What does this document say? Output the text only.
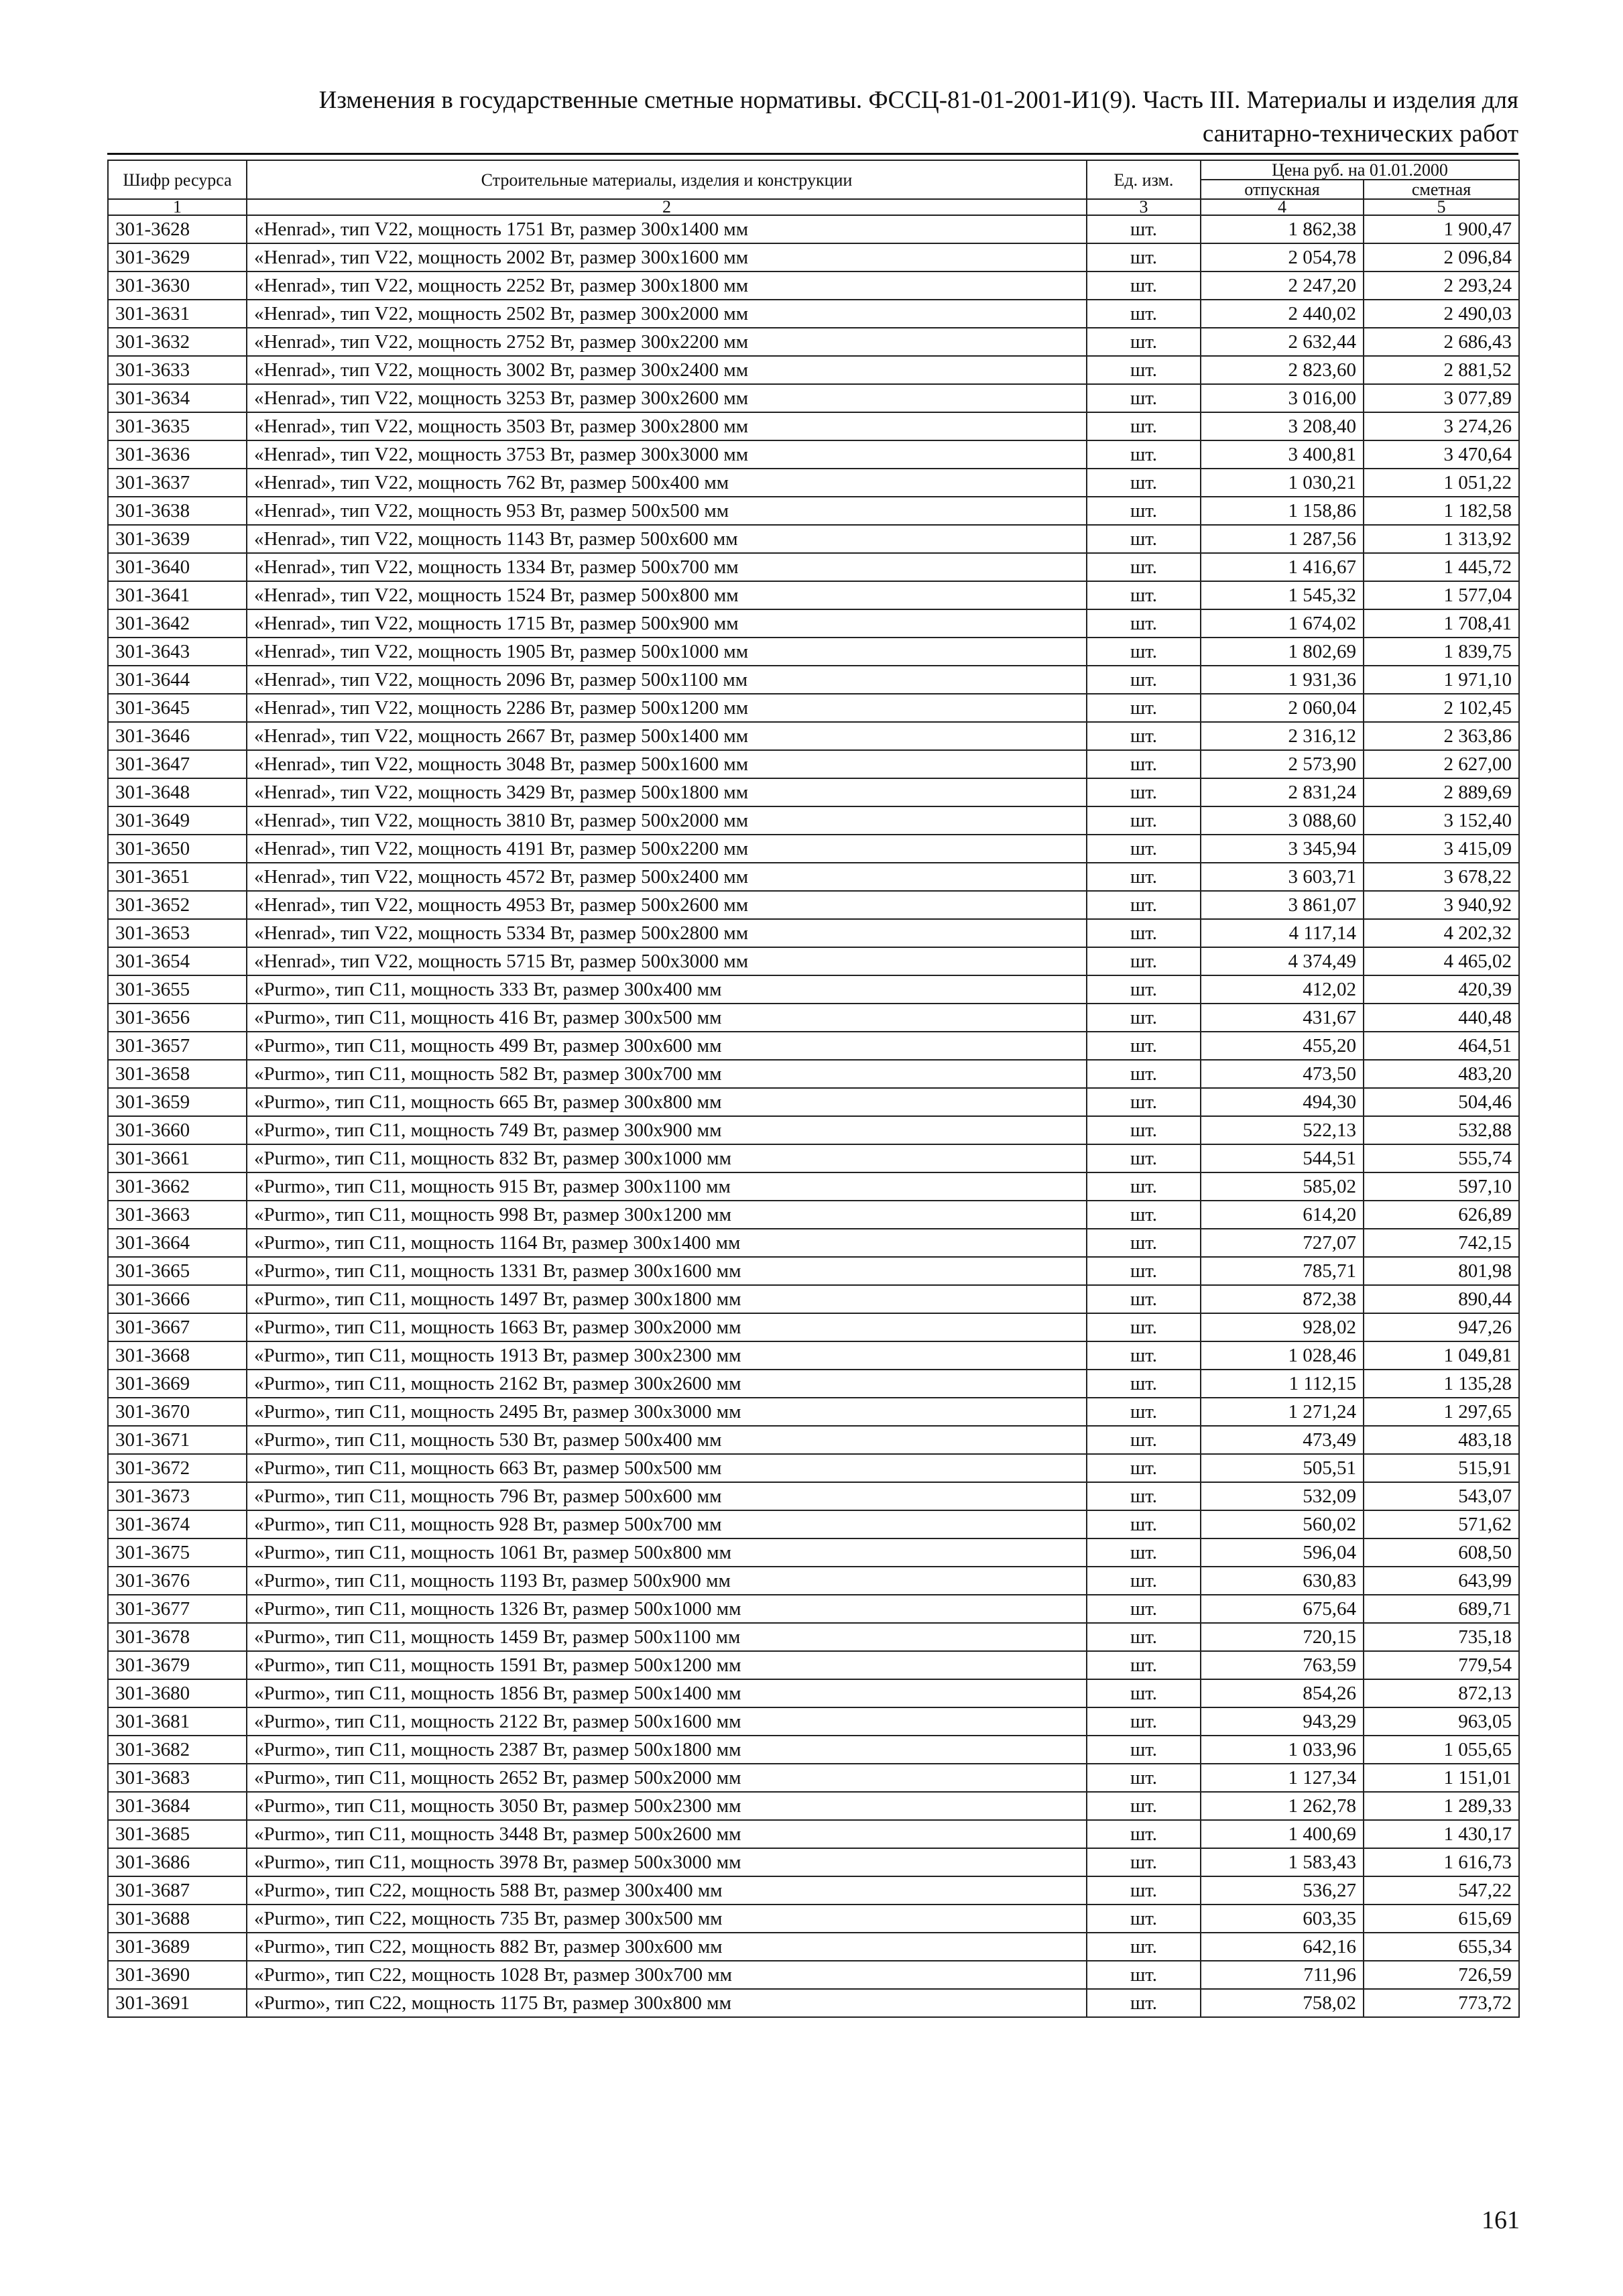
Изменения в государственные сметные нормативы. ФССЦ-81-01-2001-И1(9). Часть III. Материалы и изделия для
санитарно-технических работ
Шифр ресурса	Строительные материалы, изделия и конструкции	Ед. изм.	Цена руб. на 01.01.2000	
			отпускная	сметная
1	2	3	4	5
301-3628	«Henrad», тип V22, мощность 1751 Вт, размер 300х1400 мм	шт.	1 862,38	1 900,47
301-3629	«Henrad», тип V22, мощность 2002 Вт, размер 300х1600 мм	шт.	2 054,78	2 096,84
301-3630	«Henrad», тип V22, мощность 2252 Вт, размер 300х1800 мм	шт.	2 247,20	2 293,24
301-3631	«Henrad», тип V22, мощность 2502 Вт, размер 300х2000 мм	шт.	2 440,02	2 490,03
301-3632	«Henrad», тип V22, мощность 2752 Вт, размер 300х2200 мм	шт.	2 632,44	2 686,43
301-3633	«Henrad», тип V22, мощность 3002 Вт, размер 300х2400 мм	шт.	2 823,60	2 881,52
301-3634	«Henrad», тип V22, мощность 3253 Вт, размер 300х2600 мм	шт.	3 016,00	3 077,89
301-3635	«Henrad», тип V22, мощность 3503 Вт, размер 300х2800 мм	шт.	3 208,40	3 274,26
301-3636	«Henrad», тип V22, мощность 3753 Вт, размер 300х3000 мм	шт.	3 400,81	3 470,64
301-3637	«Henrad», тип V22, мощность 762 Вт, размер 500х400 мм	шт.	1 030,21	1 051,22
301-3638	«Henrad», тип V22, мощность 953 Вт, размер 500х500 мм	шт.	1 158,86	1 182,58
301-3639	«Henrad», тип V22, мощность 1143 Вт, размер 500х600 мм	шт.	1 287,56	1 313,92
301-3640	«Henrad», тип V22, мощность 1334 Вт, размер 500х700 мм	шт.	1 416,67	1 445,72
301-3641	«Henrad», тип V22, мощность 1524 Вт, размер 500х800 мм	шт.	1 545,32	1 577,04
301-3642	«Henrad», тип V22, мощность 1715 Вт, размер 500х900 мм	шт.	1 674,02	1 708,41
301-3643	«Henrad», тип V22, мощность 1905 Вт, размер 500х1000 мм	шт.	1 802,69	1 839,75
301-3644	«Henrad», тип V22, мощность 2096 Вт, размер 500х1100 мм	шт.	1 931,36	1 971,10
301-3645	«Henrad», тип V22, мощность 2286 Вт, размер 500х1200 мм	шт.	2 060,04	2 102,45
301-3646	«Henrad», тип V22, мощность 2667 Вт, размер 500х1400 мм	шт.	2 316,12	2 363,86
301-3647	«Henrad», тип V22, мощность 3048 Вт, размер 500х1600 мм	шт.	2 573,90	2 627,00
301-3648	«Henrad», тип V22, мощность 3429 Вт, размер 500х1800 мм	шт.	2 831,24	2 889,69
301-3649	«Henrad», тип V22, мощность 3810 Вт, размер 500х2000 мм	шт.	3 088,60	3 152,40
301-3650	«Henrad», тип V22, мощность 4191 Вт, размер 500х2200 мм	шт.	3 345,94	3 415,09
301-3651	«Henrad», тип V22, мощность 4572 Вт, размер 500х2400 мм	шт.	3 603,71	3 678,22
301-3652	«Henrad», тип V22, мощность 4953 Вт, размер 500х2600 мм	шт.	3 861,07	3 940,92
301-3653	«Henrad», тип V22, мощность 5334 Вт, размер 500х2800 мм	шт.	4 117,14	4 202,32
301-3654	«Henrad», тип V22, мощность 5715 Вт, размер 500х3000 мм	шт.	4 374,49	4 465,02
301-3655	«Purmo», тип C11, мощность 333 Вт, размер 300х400 мм	шт.	412,02	420,39
301-3656	«Purmo», тип C11, мощность 416 Вт, размер 300х500 мм	шт.	431,67	440,48
301-3657	«Purmo», тип C11, мощность 499 Вт, размер 300х600 мм	шт.	455,20	464,51
301-3658	«Purmo», тип C11, мощность 582 Вт, размер 300х700 мм	шт.	473,50	483,20
301-3659	«Purmo», тип C11, мощность 665 Вт, размер 300х800 мм	шт.	494,30	504,46
301-3660	«Purmo», тип C11, мощность 749 Вт, размер 300х900 мм	шт.	522,13	532,88
301-3661	«Purmo», тип C11, мощность 832 Вт, размер 300х1000 мм	шт.	544,51	555,74
301-3662	«Purmo», тип C11, мощность 915 Вт, размер 300х1100 мм	шт.	585,02	597,10
301-3663	«Purmo», тип C11, мощность 998 Вт, размер 300х1200 мм	шт.	614,20	626,89
301-3664	«Purmo», тип C11, мощность 1164 Вт, размер 300х1400 мм	шт.	727,07	742,15
301-3665	«Purmo», тип C11, мощность 1331 Вт, размер 300х1600 мм	шт.	785,71	801,98
301-3666	«Purmo», тип C11, мощность 1497 Вт, размер 300х1800 мм	шт.	872,38	890,44
301-3667	«Purmo», тип C11, мощность 1663 Вт, размер 300х2000 мм	шт.	928,02	947,26
301-3668	«Purmo», тип C11, мощность 1913 Вт, размер 300х2300 мм	шт.	1 028,46	1 049,81
301-3669	«Purmo», тип C11, мощность 2162 Вт, размер 300х2600 мм	шт.	1 112,15	1 135,28
301-3670	«Purmo», тип C11, мощность 2495 Вт, размер 300х3000 мм	шт.	1 271,24	1 297,65
301-3671	«Purmo», тип C11, мощность 530 Вт, размер 500х400 мм	шт.	473,49	483,18
301-3672	«Purmo», тип C11, мощность 663 Вт, размер 500х500 мм	шт.	505,51	515,91
301-3673	«Purmo», тип C11, мощность 796 Вт, размер 500х600 мм	шт.	532,09	543,07
301-3674	«Purmo», тип C11, мощность 928 Вт, размер 500х700 мм	шт.	560,02	571,62
301-3675	«Purmo», тип C11, мощность 1061 Вт, размер 500х800 мм	шт.	596,04	608,50
301-3676	«Purmo», тип C11, мощность 1193 Вт, размер 500х900 мм	шт.	630,83	643,99
301-3677	«Purmo», тип C11, мощность 1326 Вт, размер 500х1000 мм	шт.	675,64	689,71
301-3678	«Purmo», тип C11, мощность 1459 Вт, размер 500х1100 мм	шт.	720,15	735,18
301-3679	«Purmo», тип C11, мощность 1591 Вт, размер 500х1200 мм	шт.	763,59	779,54
301-3680	«Purmo», тип C11, мощность 1856 Вт, размер 500х1400 мм	шт.	854,26	872,13
301-3681	«Purmo», тип C11, мощность 2122 Вт, размер 500х1600 мм	шт.	943,29	963,05
301-3682	«Purmo», тип C11, мощность 2387 Вт, размер 500х1800 мм	шт.	1 033,96	1 055,65
301-3683	«Purmo», тип C11, мощность 2652 Вт, размер 500х2000 мм	шт.	1 127,34	1 151,01
301-3684	«Purmo», тип C11, мощность 3050 Вт, размер 500х2300 мм	шт.	1 262,78	1 289,33
301-3685	«Purmo», тип C11, мощность 3448 Вт, размер 500х2600 мм	шт.	1 400,69	1 430,17
301-3686	«Purmo», тип C11, мощность 3978 Вт, размер 500х3000 мм	шт.	1 583,43	1 616,73
301-3687	«Purmo», тип C22, мощность 588 Вт, размер 300х400 мм	шт.	536,27	547,22
301-3688	«Purmo», тип C22, мощность 735 Вт, размер 300х500 мм	шт.	603,35	615,69
301-3689	«Purmo», тип C22, мощность 882 Вт, размер 300х600 мм	шт.	642,16	655,34
301-3690	«Purmo», тип C22, мощность 1028 Вт, размер 300х700 мм	шт.	711,96	726,59
301-3691	«Purmo», тип C22, мощность 1175 Вт, размер 300х800 мм	шт.	758,02	773,72
161
